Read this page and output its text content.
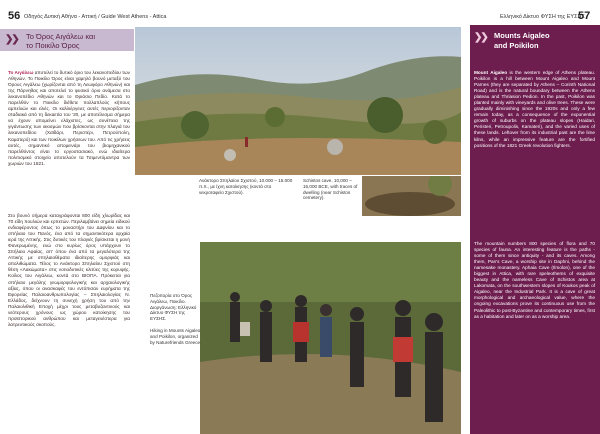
56 Οδηγός Δυτική Αθήνα - Αττική / Guide West Athens - Attica	Ελληνικό Δίκτυο ΦΥΣΗ της ΕΥΣΗΣ
57
❯❯ Το Όρος Αιγάλεω και
το Ποικίλο Όρος
❯❯ Mounts Aigaleo
and Poikilon

Το Αιγάλεω αποτελεί το δυτικό όριο του λεκανοπεδίου των Αθηνών. Το Ποικίλο Όρος είναι χαμηλό βουνό μεταξύ του Όρους Αιγάλεω (χωρίζονται από τη Λεωφόρο Αθηνών) και της Πάρνηθας και αποτελεί το φυσικό όριο ανάμεσα στο λεκανοπέδιο Αθηνών και το Θριάσιο Πεδίο. Κατά το παρελθόν το Ποικίλο διέθετε πολλαπλούς κήπους αμπελιών και ελιές. Οι καλλιέργειες αυτές περιορίζονταν σταδιακά από τη δεκαετία του '20, με αποτέλεσμα σήμερα να έχουν απομείνει ελάχιστες, ως συνέπεια της γιγάντωσης των οικισμών που βρίσκονται στην πλαγιά του λεκανοπεδίου (Χαϊδάρι, Περιστέρι, Πετρούπολη, Καματερό) και των ποικίλων χρήσεων του. Από τις χρήσεις αυτές, σημαντικό απομεινάρι του βιομηχανικού παρελθόντος είναι το εργοστασιακό, ενώ ιδιαίτερα πολιτισμικό στοιχείο αποτελούν τα Τσιμεντόμαντρα των χωριών του 1821.

Στο βουνό σήμερα καταγράφονται 800 είδη χλωρίδας και 70 είδη πουλιών και ερπετών. Περιλαμβάνει σημεία ειδικού ενδιαφέροντος όπως το μοναστήρι του Δαφνίου και το σπήλαιο του Πανός, ένα από τα σημαντικότερα αρχαία ιερά της Αττικής. Στις δυτικές του πλαγιές βρίσκεται η μονή Φανερωμένης, ενώ στο κυρίως όρος υπάρχουν το Σπήλαιο Αφαίας, απ' όπου ένα από τα μεγαλύτερα της Αττικής με σπηλαιοθέματα ιδιαίτερης ομορφιάς και απολιθώματα. Τέλος το Ανάκτορο Σπηλαίου Σχιστού στη θέση «Λακώματα» στις νοτιοδυτικές κλιτύες της κορυφής. Κοίλος του Αιγάλεω, κοντά στο ΒΙΟΠΑ. Πρόκειται για σπήλαιο μεγάλης γεωμορφολογικής και αρχαιολογικής αξίας, όπου οι ανασκαφές του εντόπισαν ευρήματα της Εφορείας Παλαιοανθρωπολογίας – Σπηλαιολογίας Ν. Ελλάδος, δείχνουν τη συνεχή χρήση του από την Παλαιολιθική Εποχή μέχρι τους μεταβυζαντινούς και νεότερους χρόνους ως χώρου κατοίκησης του προϊστορικού ανθρώπου και μεταγενέστερα για λατρευτικούς σκοπούς.

Mount Aigaleo is the western edge of Athens plateau. Poikilon is a hill between Mount Aigaleo and Mount Parnes (they are separated by Athens – Corinth National Road) and is the natural boundary between the Athens plateau and Thriasion Pedion. In the past, Poikilon was planted mainly with vineyards and olive trees. These were gradually diminishing since the 1920s and only a few remain today, as a consequence of the exponential growth of suburbs on the plateau slopes (Haidari, Peristeri, Petroupolis, Kamateri), and the varied uses of these lands. Leftover from its industrial past are the lime kilns, while an impressive feature are the fortified positions of the 1821 Greek revolution fighters.

The mountain numbers 800 species of flora and 70 species of fauna. An interesting feature is the paths - some of them since antiquity - and its caves. Among them, Pan's Cave, a worship site in Daphni, behind the namesake monastery. Aphaia Cave (Ilmolon), one of the biggest in Attica, with rare speleothems of exquisite beauty and the nameless Cave of Schistos area at Lakomata, on the southwestern slopes of Koukos peak of Aigaleo, near the Industrial Park. It is a cave of great morphological and archaeological value, where the ongoing excavations prove its continuous use from the Paleolithic to post-Byzantine and contemporary times, first as a habitation and later on as a worship area.

Ανάκτορο Σπηλαίου Σχιστού, 10.000 – 15.000 π.Χ., με ίχνη κατοίκησης (κοντά στο νεκροταφείο Σχιστού).
Schistos cave, 10,000 – 15,000 BCE, with traces of dwelling (near Schistos cemetery).

Πεζοπορία στο Όρος Αιγάλεω, Ποικίλο. Διοργάνωση: Ελληνικό Δίκτυο ΦΥΣΗ της ΕΥΣΗΣ.

Hiking in Mounts Aigaleo and Poikilon, organized by Naturefriends Greece.
